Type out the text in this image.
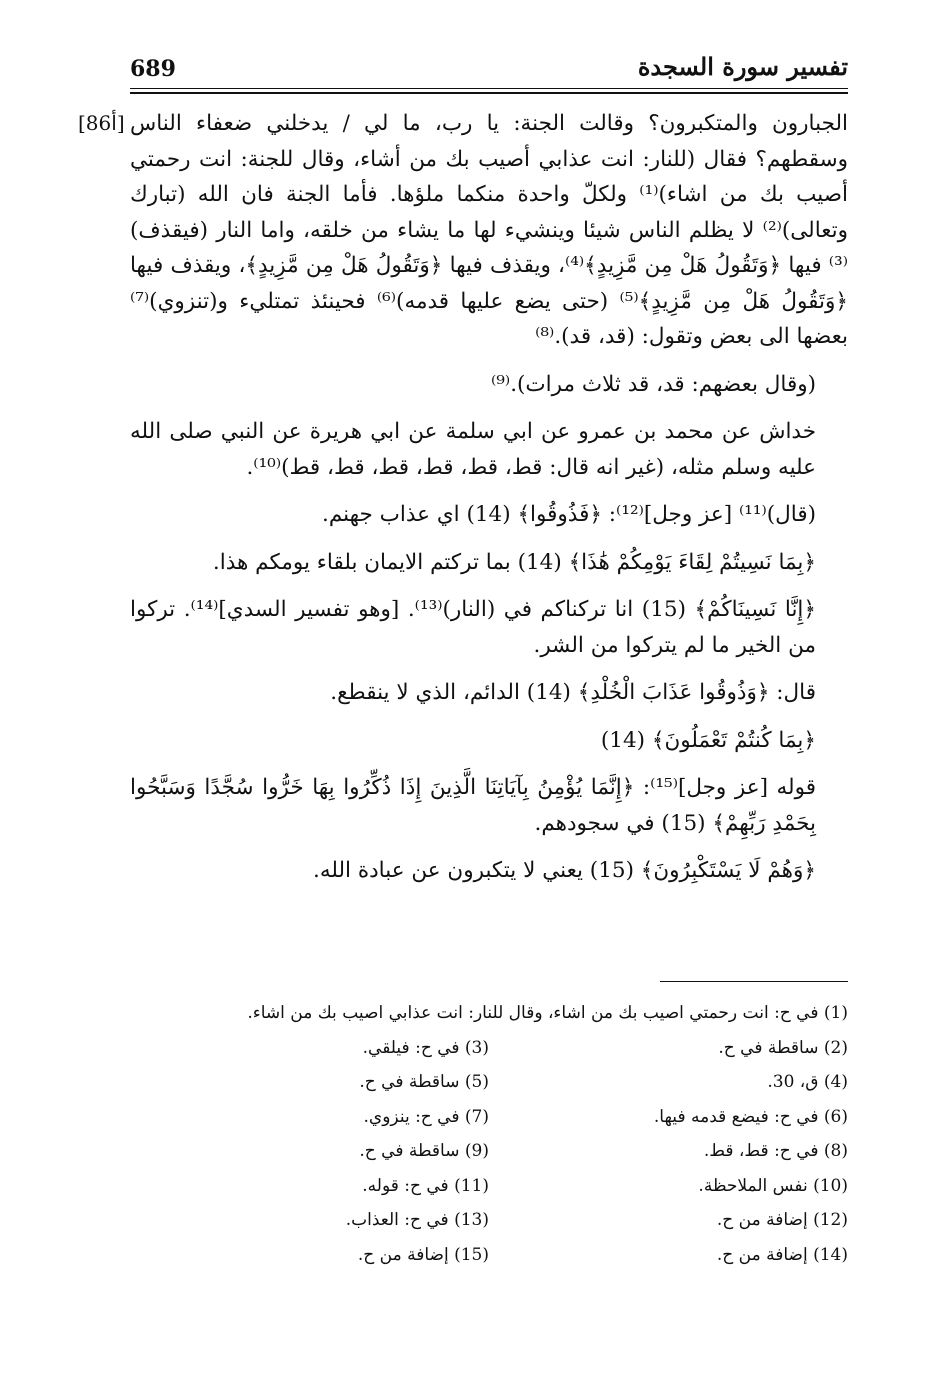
689	تفسير سورة السجدة
[86أ] الجبارون والمتكبرون؟ وقالت الجنة: يا رب، ما لي / يدخلني ضعفاء الناس وسقطهم؟ فقال (للنار: انت عذابي أصيب بك من أشاء، وقال للجنة: انت رحمتي أصيب بك من اشاء)⁽¹⁾ ولكلّ واحدة منكما ملؤها. فأما الجنة فان الله (تبارك وتعالى)⁽²⁾ لا يظلم الناس شيئا وينشيء لها ما يشاء من خلقه، واما النار (فيقذف)⁽³⁾ فيها ﴿وَتَقُولُ هَلْ مِن مَّزِيدٍ﴾⁽⁴⁾، ويقذف فيها ﴿وَتَقُولُ هَلْ مِن مَّزِيدٍ﴾، ويقذف فيها ﴿وَتَقُولُ هَلْ مِن مَّزِيدٍ﴾⁽⁵⁾ (حتى يضع عليها قدمه)⁽⁶⁾ فحينئذ تمتليء و(تنزوي)⁽⁷⁾ بعضها الى بعض وتقول: (قد، قد).⁽⁸⁾

(وقال بعضهم: قد، قد ثلاث مرات).⁽⁹⁾

خداش عن محمد بن عمرو عن ابي سلمة عن ابي هريرة عن النبي صلى الله عليه وسلم مثله، (غير انه قال: قط، قط، قط، قط، قط، قط)⁽¹⁰⁾.

(قال)⁽¹¹⁾ [عز وجل]⁽¹²⁾: ﴿فَذُوقُوا﴾ (14) اي عذاب جهنم.

﴿بِمَا نَسِيتُمْ لِقَاءَ يَوْمِكُمْ هَٰذَا﴾ (14) بما تركتم الايمان بلقاء يومكم هذا.

﴿إِنَّا نَسِينَاكُمْ﴾ (15) انا تركناكم في (النار)⁽¹³⁾. [وهو تفسير السدي]⁽¹⁴⁾. تركوا من الخير ما لم يتركوا من الشر.

قال: ﴿وَذُوقُوا عَذَابَ الْخُلْدِ﴾ (14) الدائم، الذي لا ينقطع.

﴿بِمَا كُنتُمْ تَعْمَلُونَ﴾ (14)

قوله [عز وجل]⁽¹⁵⁾: ﴿إِنَّمَا يُؤْمِنُ بِآيَاتِنَا الَّذِينَ إِذَا ذُكِّرُوا بِهَا خَرُّوا سُجَّدًا وَسَبَّحُوا بِحَمْدِ رَبِّهِمْ﴾ (15) في سجودهم.

﴿وَهُمْ لَا يَسْتَكْبِرُونَ﴾ (15) يعني لا يتكبرون عن عبادة الله.

(1) في ح: انت رحمتي اصيب بك من اشاء، وقال للنار: انت عذابي اصيب بك من اشاء.
(2) ساقطة في ح.
(3) في ح: فيلقي.
(4) ق، 30.
(5) ساقطة في ح.
(6) في ح: فيضع قدمه فيها.
(7) في ح: ينزوي.
(8) في ح: قط، قط.
(9) ساقطة في ح.
(10) نفس الملاحظة.
(11) في ح: قوله.
(12) إضافة من ح.
(13) في ح: العذاب.
(14) إضافة من ح.
(15) إضافة من ح.
